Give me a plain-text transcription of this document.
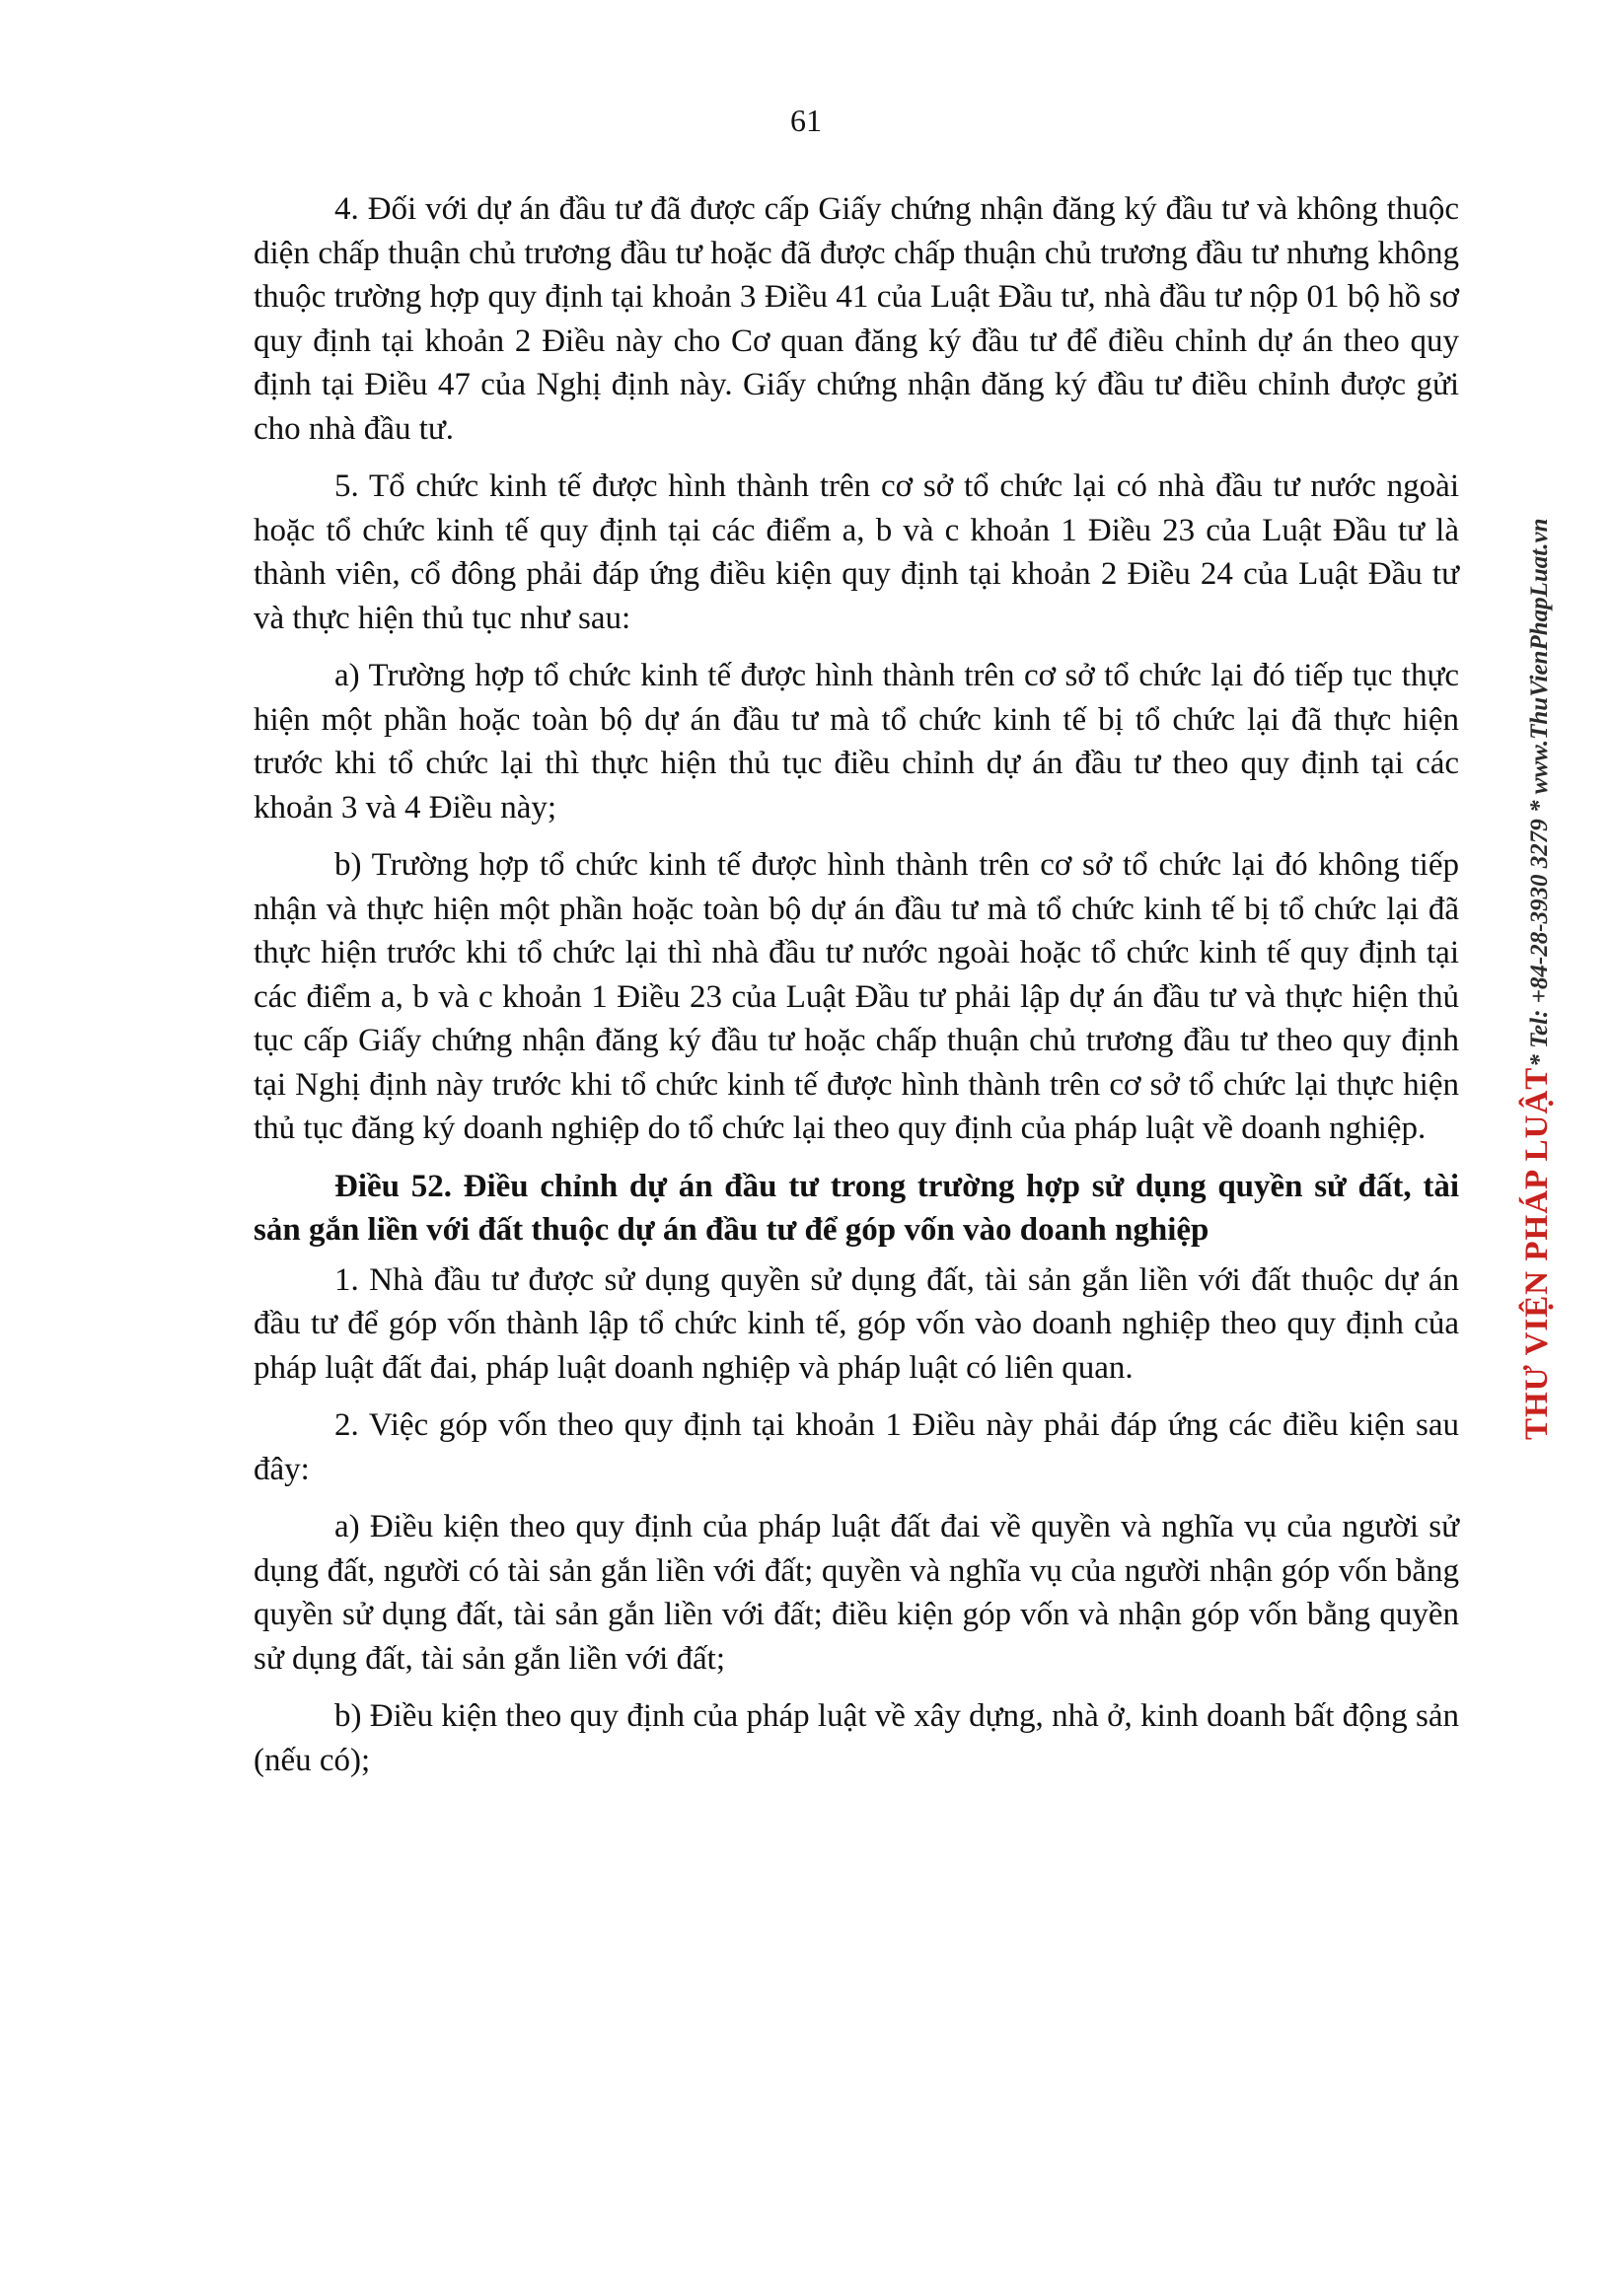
61

4. Đối với dự án đầu tư đã được cấp Giấy chứng nhận đăng ký đầu tư và không thuộc diện chấp thuận chủ trương đầu tư hoặc đã được chấp thuận chủ trương đầu tư nhưng không thuộc trường hợp quy định tại khoản 3 Điều 41 của Luật Đầu tư, nhà đầu tư nộp 01 bộ hồ sơ quy định tại khoản 2 Điều này cho Cơ quan đăng ký đầu tư để điều chỉnh dự án theo quy định tại Điều 47 của Nghị định này. Giấy chứng nhận đăng ký đầu tư điều chỉnh được gửi cho nhà đầu tư.

5. Tổ chức kinh tế được hình thành trên cơ sở tổ chức lại có nhà đầu tư nước ngoài hoặc tổ chức kinh tế quy định tại các điểm a, b và c khoản 1 Điều 23 của Luật Đầu tư là thành viên, cổ đông phải đáp ứng điều kiện quy định tại khoản 2 Điều 24 của Luật Đầu tư và thực hiện thủ tục như sau:

a) Trường hợp tổ chức kinh tế được hình thành trên cơ sở tổ chức lại đó tiếp tục thực hiện một phần hoặc toàn bộ dự án đầu tư mà tổ chức kinh tế bị tổ chức lại đã thực hiện trước khi tổ chức lại thì thực hiện thủ tục điều chỉnh dự án đầu tư theo quy định tại các khoản 3 và 4 Điều này;

b) Trường hợp tổ chức kinh tế được hình thành trên cơ sở tổ chức lại đó không tiếp nhận và thực hiện một phần hoặc toàn bộ dự án đầu tư mà tổ chức kinh tế bị tổ chức lại đã thực hiện trước khi tổ chức lại thì nhà đầu tư nước ngoài hoặc tổ chức kinh tế quy định tại các điểm a, b và c khoản 1 Điều 23 của Luật Đầu tư phải lập dự án đầu tư và thực hiện thủ tục cấp Giấy chứng nhận đăng ký đầu tư hoặc chấp thuận chủ trương đầu tư theo quy định tại Nghị định này trước khi tổ chức kinh tế được hình thành trên cơ sở tổ chức lại thực hiện thủ tục đăng ký doanh nghiệp do tổ chức lại theo quy định của pháp luật về doanh nghiệp.

Điều 52. Điều chỉnh dự án đầu tư trong trường hợp sử dụng quyền sử đất, tài sản gắn liền với đất thuộc dự án đầu tư để góp vốn vào doanh nghiệp

1. Nhà đầu tư được sử dụng quyền sử dụng đất, tài sản gắn liền với đất thuộc dự án đầu tư để góp vốn thành lập tổ chức kinh tế, góp vốn vào doanh nghiệp theo quy định của pháp luật đất đai, pháp luật doanh nghiệp và pháp luật có liên quan.

2. Việc góp vốn theo quy định tại khoản 1 Điều này phải đáp ứng các điều kiện sau đây:

a) Điều kiện theo quy định của pháp luật đất đai về quyền và nghĩa vụ của người sử dụng đất, người có tài sản gắn liền với đất; quyền và nghĩa vụ của người nhận góp vốn bằng quyền sử dụng đất, tài sản gắn liền với đất; điều kiện góp vốn và nhận góp vốn bằng quyền sử dụng đất, tài sản gắn liền với đất;

b) Điều kiện theo quy định của pháp luật về xây dựng, nhà ở, kinh doanh bất động sản (nếu có);

THƯ VIỆN PHÁP LUẬT* Tel: +84-28-3930 3279 * www.ThuVienPhapLuat.vn
